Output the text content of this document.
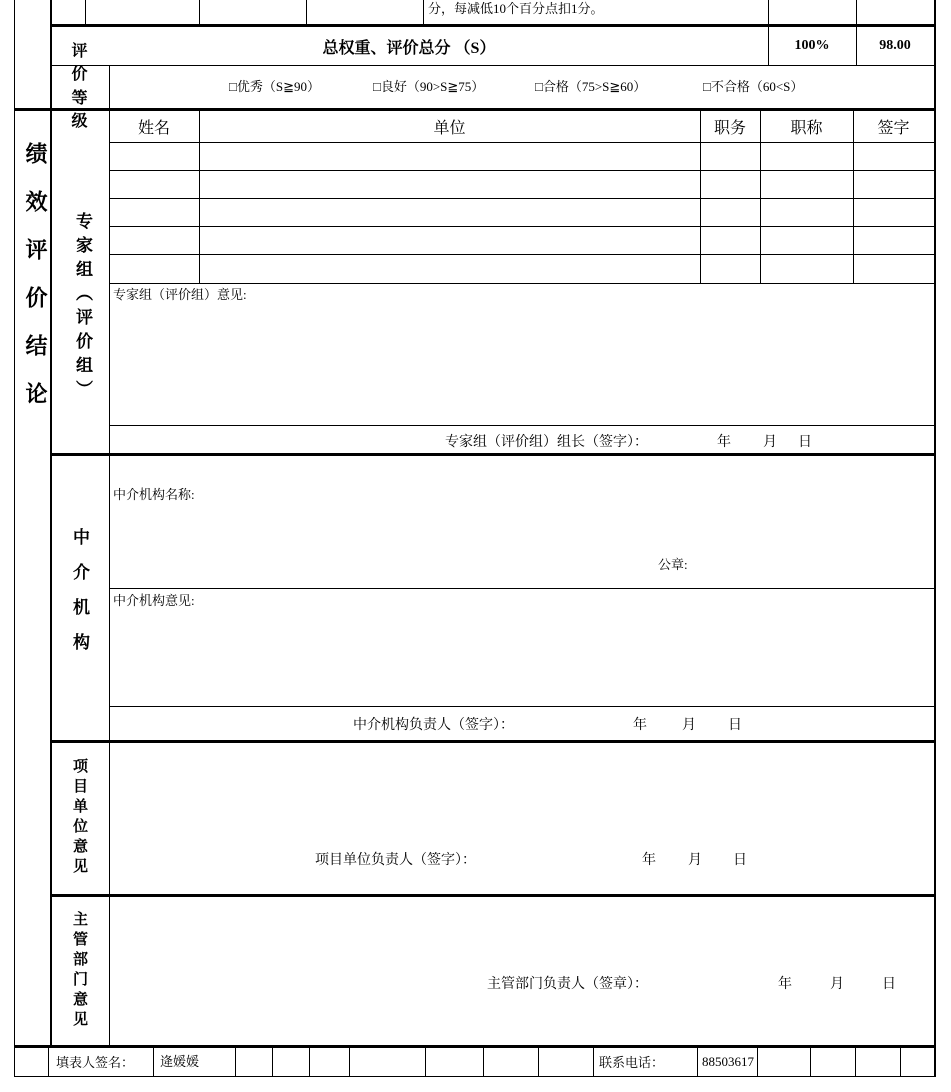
分，每减低10个百分点扣1分。
总权重、评价总分 （S）	100%	98.00
评价等级
□优秀（S≧90）	□良好（90>S≧75）	□合格（75>S≧60）	□不合格（60<S）
绩效评价结论 专家组（评价组）
姓名	单位	职务	职称	签字
专家组（评价组）意见:
专家组（评价组）组长（签字）：	年 月 日
中介机构
中介机构名称:
公章:
中介机构意见:
中介机构负责人（签字）：	年	月 日
项目单位意见	项目单位负责人（签字）：	年 月 日
主管部门意见	主管部门负责人（签章）：	年	月	日
填表人签名：	逄媛媛	联系电话：	88503617
